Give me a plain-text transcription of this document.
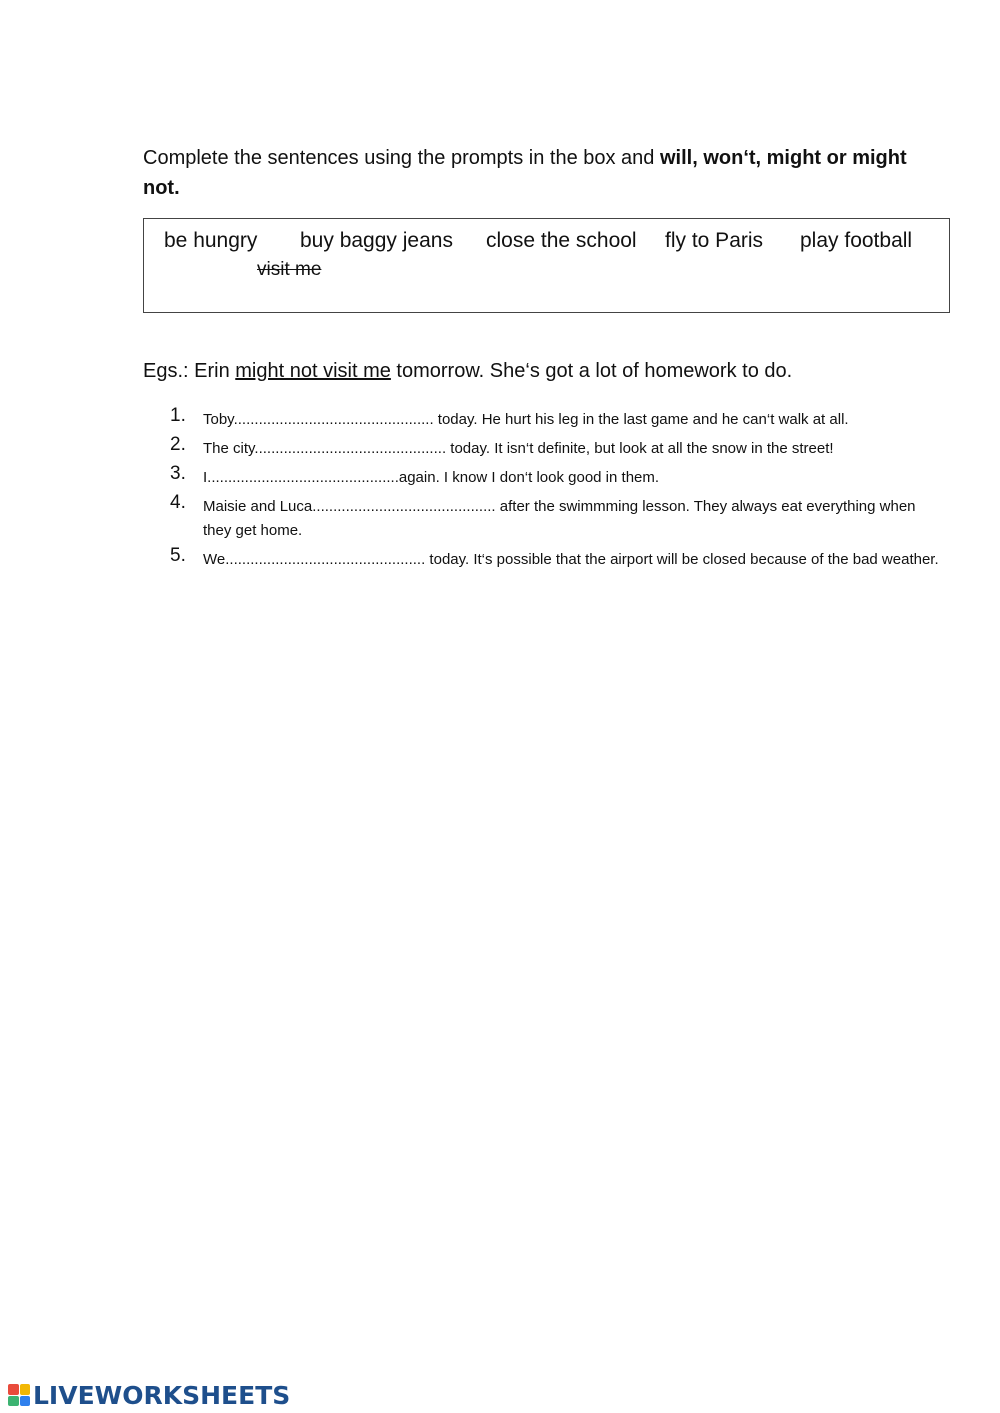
Complete the sentences using the prompts in the box and will, won‘t, might or might not.
be hungry buy baggy jeans close the school fly to Paris play football
visit me
Egs.: Erin might not visit me tomorrow. She‘s got a lot of homework to do.
1. Toby................................................ today. He hurt his leg in the last game and he can‘t walk at all.
2. The city.............................................. today. It isn‘t definite, but look at all the snow in the street!
3. I..............................................again. I know I don‘t look good in them.
4. Maisie and Luca............................................ after the swimmming lesson. They always eat everything when they get home.
5. We................................................ today. It‘s possible that the airport will be closed because of the bad weather.
LIVEWORKSHEETS
